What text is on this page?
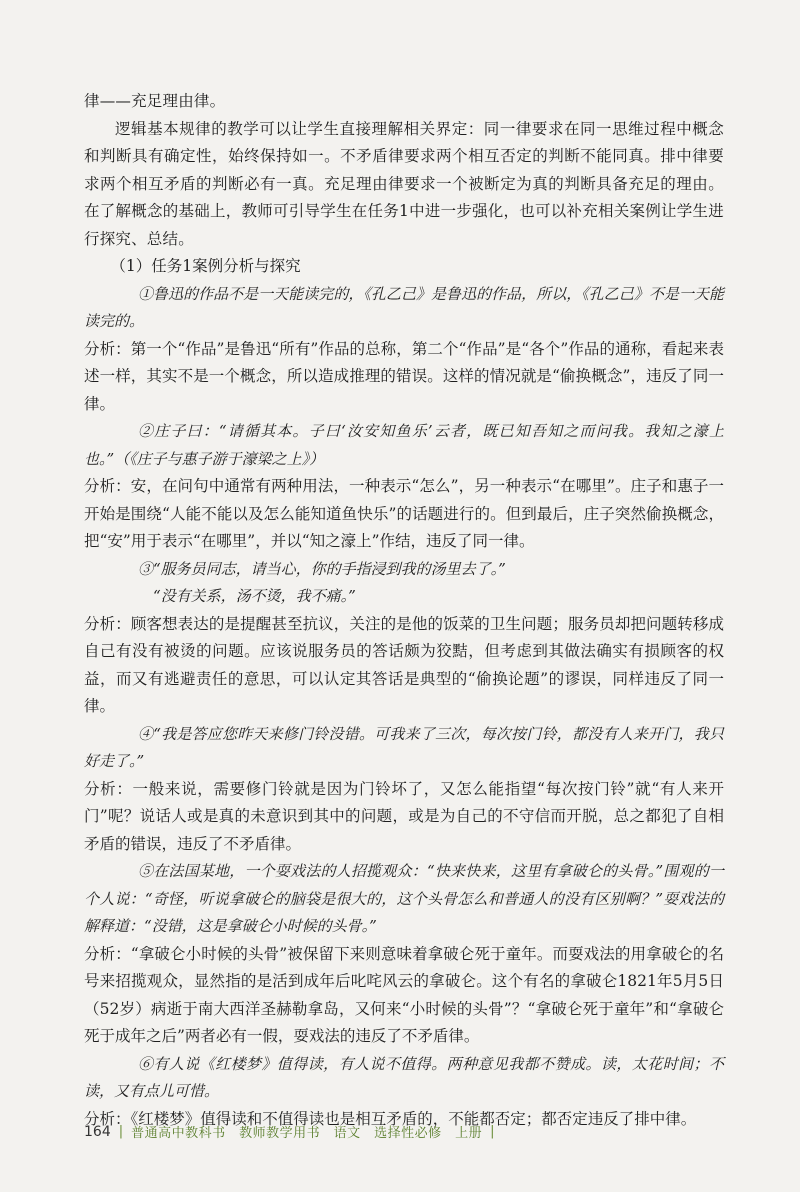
律——充足理由律。

逻辑基本规律的教学可以让学生直接理解相关界定：同一律要求在同一思维过程中概念和判断具有确定性，始终保持如一。不矛盾律要求两个相互否定的判断不能同真。排中律要求两个相互矛盾的判断必有一真。充足理由律要求一个被断定为真的判断具备充足的理由。在了解概念的基础上，教师可引导学生在任务1中进一步强化，也可以补充相关案例让学生进行探究、总结。

（1）任务1案例分析与探究

①鲁迅的作品不是一天能读完的，《孔乙己》是鲁迅的作品，所以，《孔乙己》不是一天能读完的。

分析：第一个“作品”是鲁迅“所有”作品的总称，第二个“作品”是“各个”作品的通称，看起来表述一样，其实不是一个概念，所以造成推理的错误。这样的情况就是“偷换概念”，违反了同一律。

②庄子曰：“请循其本。子曰‘汝安知鱼乐’云者，既已知吾知之而问我。我知之濠上也。”（《庄子与惠子游于濠梁之上》）

分析：安，在问句中通常有两种用法，一种表示“怎么”，另一种表示“在哪里”。庄子和惠子一开始是围绕“人能不能以及怎么能知道鱼快乐”的话题进行的。但到最后，庄子突然偷换概念，把“安”用于表示“在哪里”，并以“知之濠上”作结，违反了同一律。

③“服务员同志，请当心，你的手指浸到我的汤里去了。”

“没有关系，汤不烫，我不痛。”

分析：顾客想表达的是提醒甚至抗议，关注的是他的饭菜的卫生问题；服务员却把问题转移成自己有没有被烫的问题。应该说服务员的答话颇为狡黠，但考虑到其做法确实有损顾客的权益，而又有逃避责任的意思，可以认定其答话是典型的“偷换论题”的谬误，同样违反了同一律。

④“我是答应您昨天来修门铃没错。可我来了三次，每次按门铃，都没有人来开门，我只好走了。”

分析：一般来说，需要修门铃就是因为门铃坏了，又怎么能指望“每次按门铃”就“有人来开门”呢？说话人或是真的未意识到其中的问题，或是为自己的不守信而开脱，总之都犯了自相矛盾的错误，违反了不矛盾律。

⑤在法国某地，一个耍戏法的人招揽观众：“快来快来，这里有拿破仑的头骨。”围观的一个人说：“奇怪，听说拿破仑的脑袋是很大的，这个头骨怎么和普通人的没有区别啊？”耍戏法的解释道：“没错，这是拿破仑小时候的头骨。”

分析：“拿破仑小时候的头骨”被保留下来则意味着拿破仑死于童年。而耍戏法的用拿破仑的名号来招揽观众，显然指的是活到成年后叱咤风云的拿破仑。这个有名的拿破仑1821年5月5日（52岁）病逝于南大西洋圣赫勒拿岛，又何来“小时候的头骨”？“拿破仑死于童年”和“拿破仑死于成年之后”两者必有一假，耍戏法的违反了不矛盾律。

⑥有人说《红楼梦》值得读，有人说不值得。两种意见我都不赞成。读，太花时间；不读，又有点儿可惜。

分析：《红楼梦》值得读和不值得读也是相互矛盾的，不能都否定；都否定违反了排中律。

164 | 普通高中教科书　教师教学用书　语文　选择性必修　上册 |
